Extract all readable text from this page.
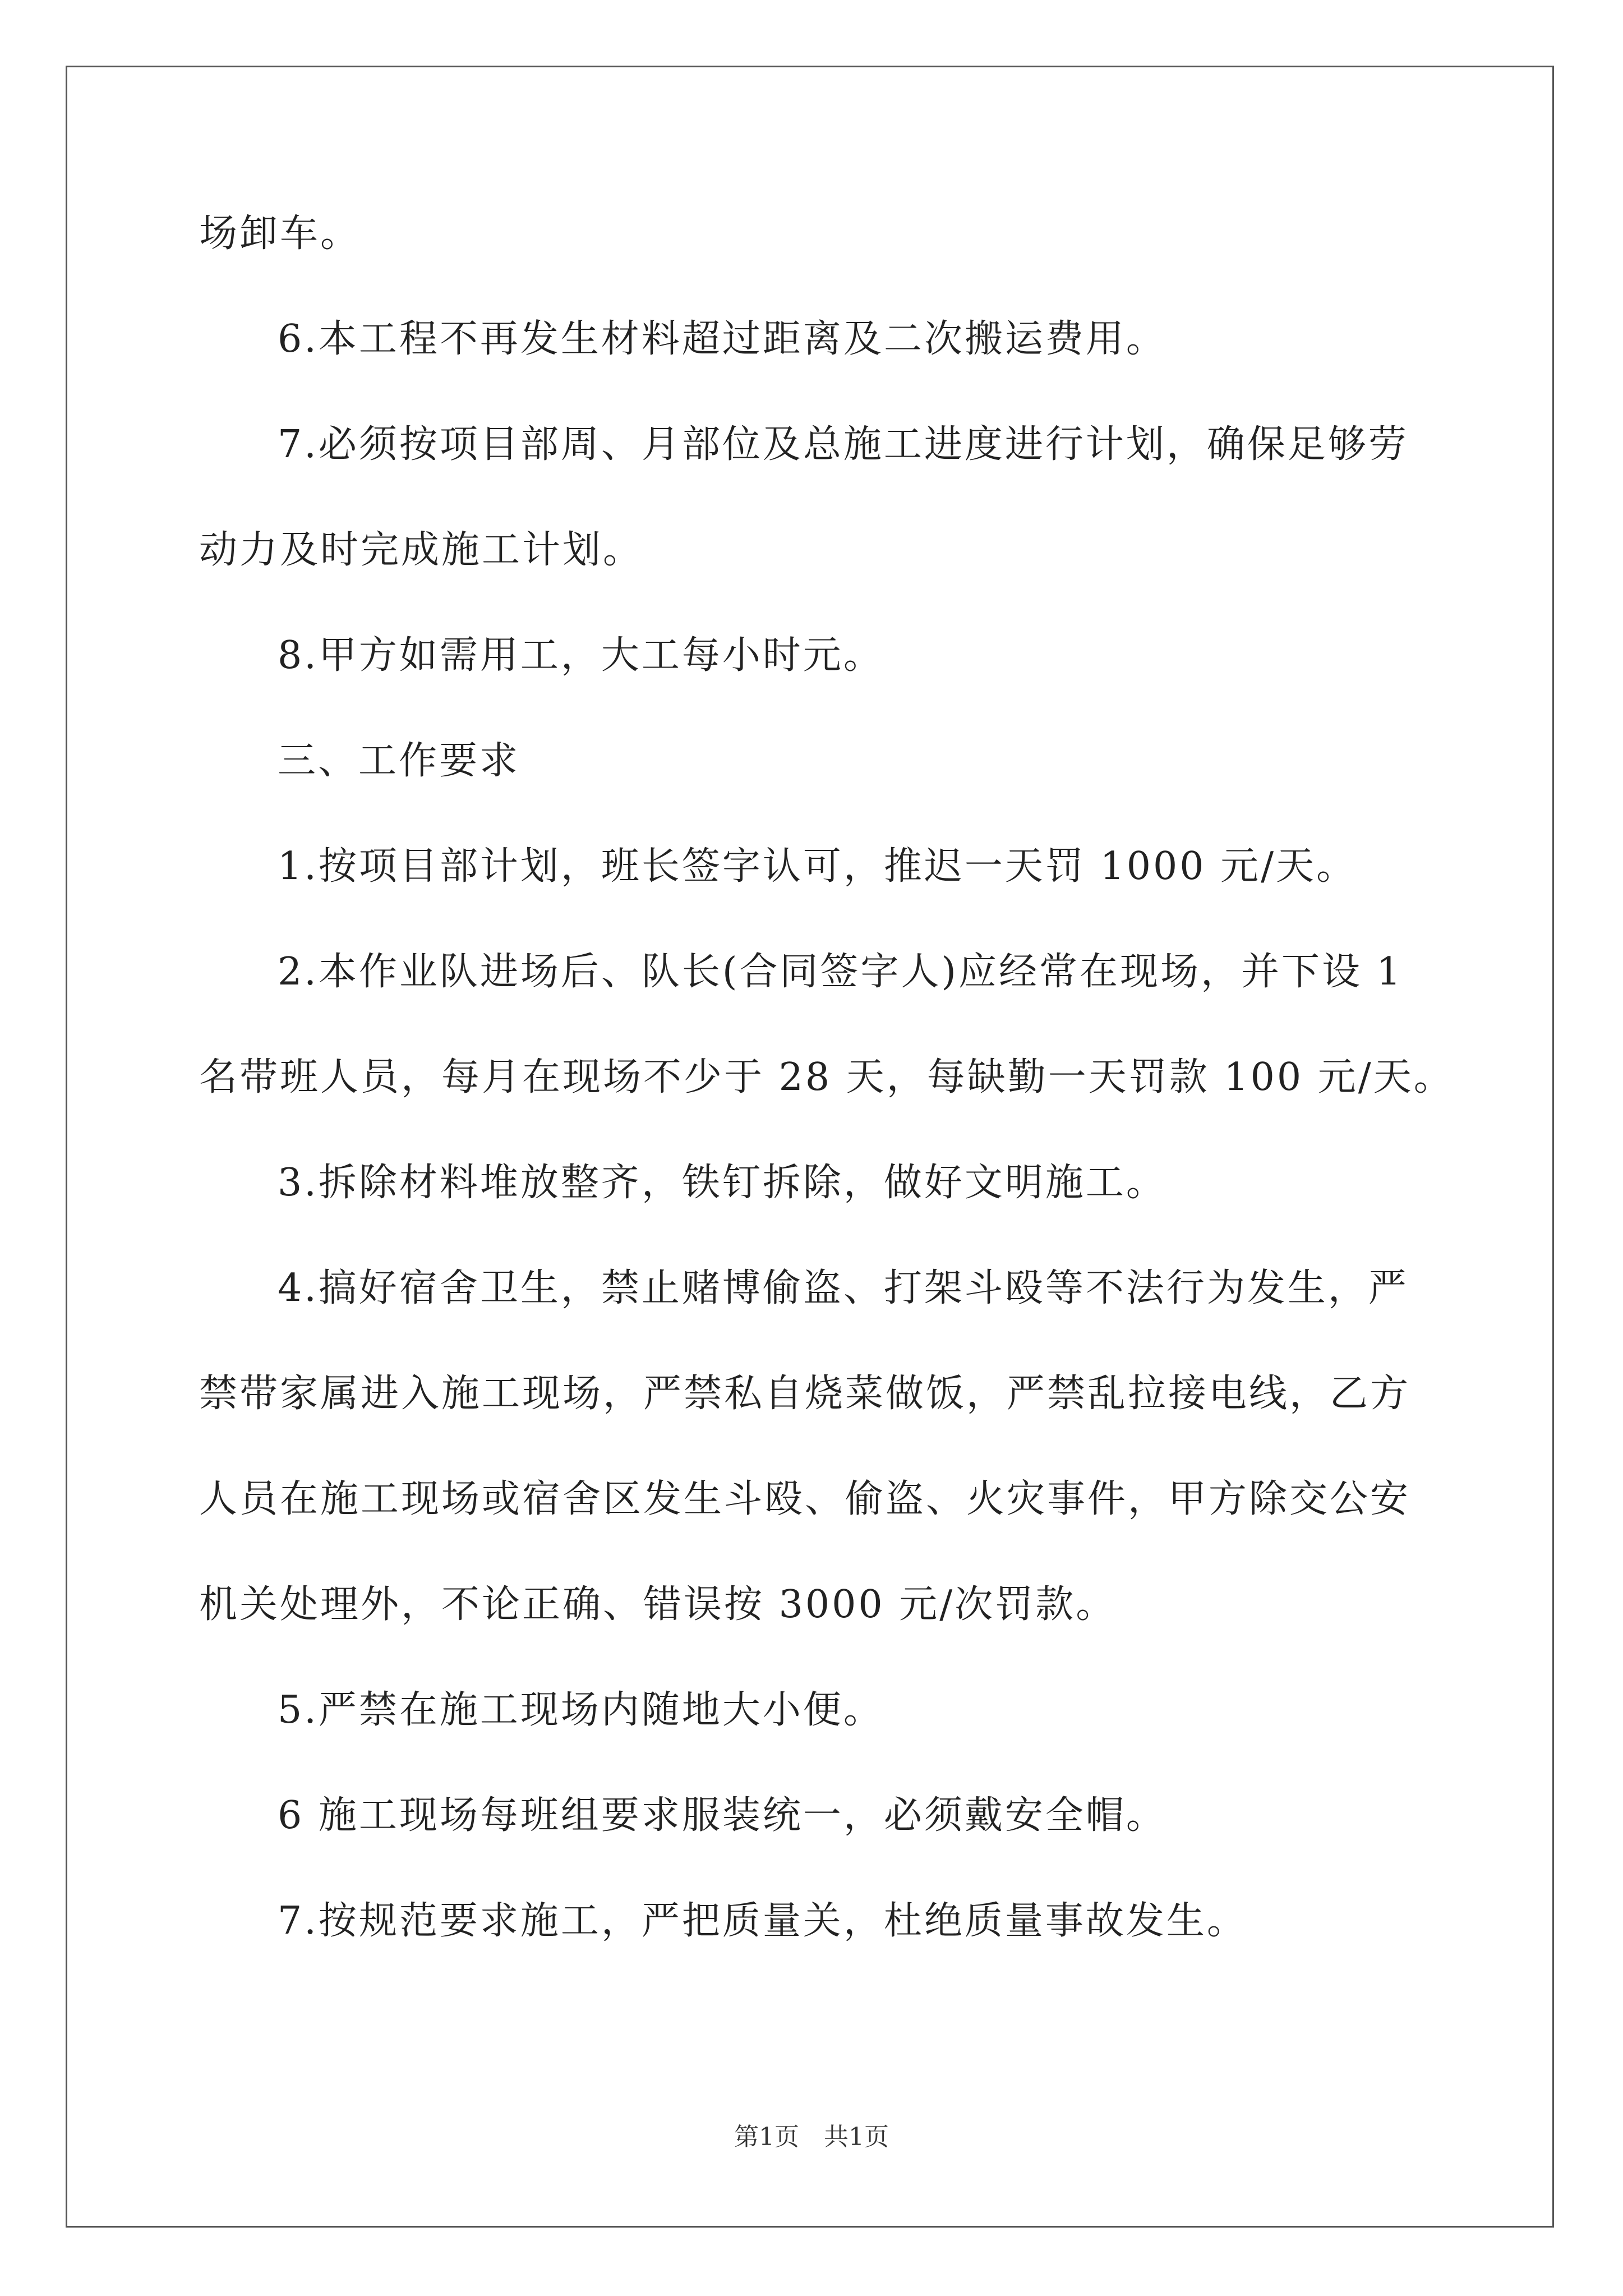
场卸车。

6.本工程不再发生材料超过距离及二次搬运费用。

7.必须按项目部周、月部位及总施工进度进行计划，确保足够劳

动力及时完成施工计划。

8.甲方如需用工，大工每小时元。

三、工作要求

1.按项目部计划，班长签字认可，推迟一天罚 1000 元/天。

2.本作业队进场后、队长(合同签字人)应经常在现场，并下设 1

名带班人员，每月在现场不少于 28 天，每缺勤一天罚款 100 元/天。

3.拆除材料堆放整齐，铁钉拆除，做好文明施工。

4.搞好宿舍卫生，禁止赌博偷盗、打架斗殴等不法行为发生，严

禁带家属进入施工现场，严禁私自烧菜做饭，严禁乱拉接电线，乙方

人员在施工现场或宿舍区发生斗殴、偷盗、火灾事件，甲方除交公安

机关处理外，不论正确、错误按 3000 元/次罚款。

5.严禁在施工现场内随地大小便。

6 施工现场每班组要求服装统一，必须戴安全帽。

7.按规范要求施工，严把质量关，杜绝质量事故发生。

第1页　共1页
